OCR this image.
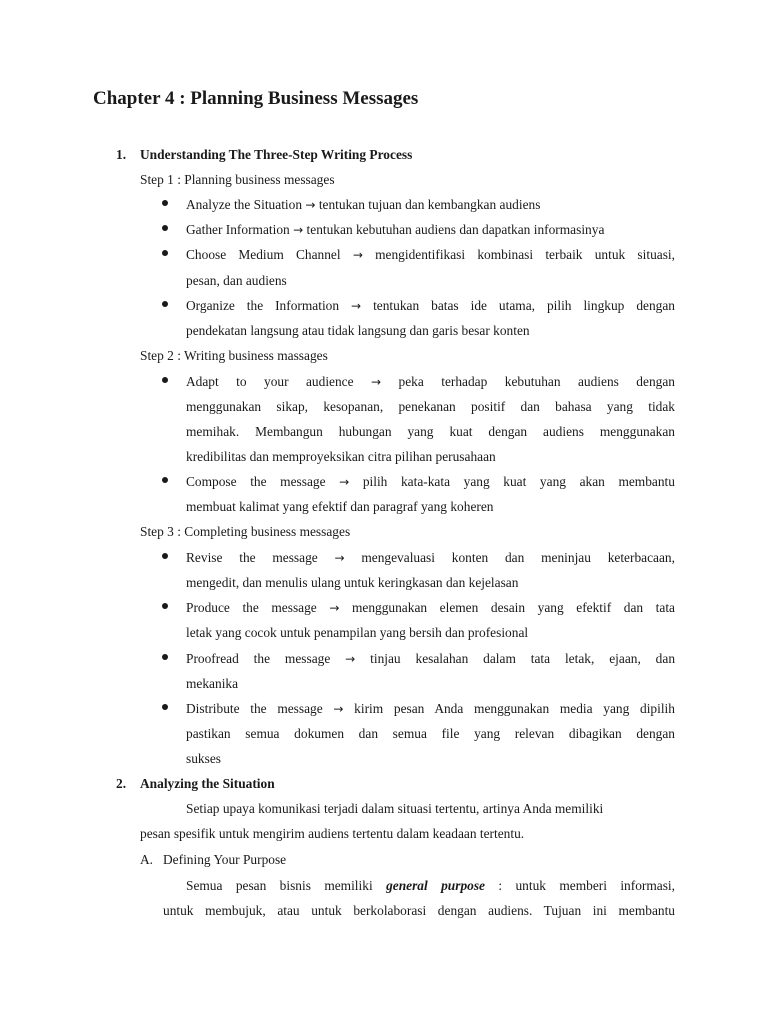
Chapter 4 : Planning Business Messages
1. Understanding The Three-Step Writing Process
Step 1 : Planning business messages
Analyze the Situation → tentukan tujuan dan kembangkan audiens
Gather Information → tentukan kebutuhan audiens dan dapatkan informasinya
Choose Medium Channel → mengidentifikasi kombinasi terbaik untuk situasi,
pesan, dan audiens
Organize the Information → tentukan batas ide utama, pilih lingkup dengan
pendekatan langsung atau tidak langsung dan garis besar konten
Step 2 : Writing business massages
Adapt to your audience → peka terhadap kebutuhan audiens dengan
menggunakan sikap, kesopanan, penekanan positif dan bahasa yang tidak
memihak. Membangun hubungan yang kuat dengan audiens menggunakan
kredibilitas dan memproyeksikan citra pilihan perusahaan
Compose the message → pilih kata-kata yang kuat yang akan membantu
membuat kalimat yang efektif dan paragraf yang koheren
Step 3 : Completing business messages
Revise the message → mengevaluasi konten dan meninjau keterbacaan,
mengedit, dan menulis ulang untuk keringkasan dan kejelasan
Produce the message → menggunakan elemen desain yang efektif dan tata
letak yang cocok untuk penampilan yang bersih dan profesional
Proofread the message → tinjau kesalahan dalam tata letak, ejaan, dan
mekanika
Distribute the message → kirim pesan Anda menggunakan media yang dipilih
pastikan semua dokumen dan semua file yang relevan dibagikan dengan
sukses
2. Analyzing the Situation
Setiap upaya komunikasi terjadi dalam situasi tertentu, artinya Anda memiliki
pesan spesifik untuk mengirim audiens tertentu dalam keadaan tertentu.
A. Defining Your Purpose
Semua pesan bisnis memiliki general purpose : untuk memberi informasi,
untuk membujuk, atau untuk berkolaborasi dengan audiens. Tujuan ini membantu
